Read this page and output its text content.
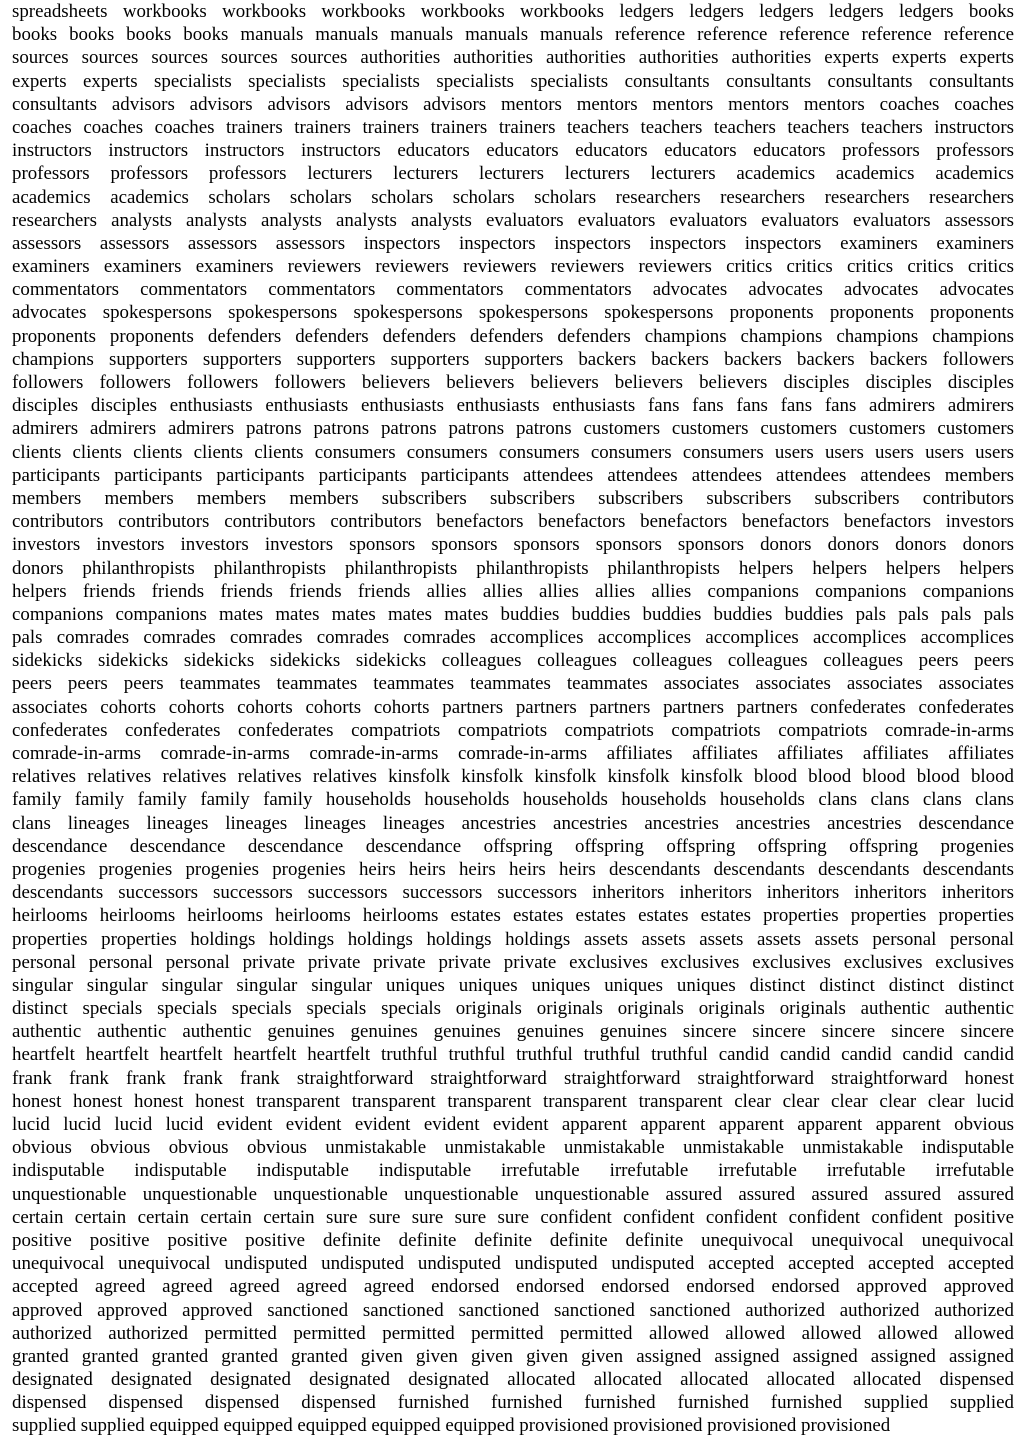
spreadsheets workbooks workbooks workbooks workbooks workbooks ledgers ledgers ledgers ledgers ledgers books
books books books books manuals manuals manuals manuals manuals reference reference reference reference reference
sources sources sources sources sources authorities authorities authorities authorities authorities experts experts experts
experts experts specialists specialists specialists specialists specialists consultants consultants consultants consultants
consultants advisors advisors advisors advisors advisors mentors mentors mentors mentors mentors coaches coaches
coaches coaches coaches trainers trainers trainers trainers trainers teachers teachers teachers teachers teachers instructors
instructors instructors instructors instructors educators educators educators educators educators professors professors
professors professors professors lecturers lecturers lecturers lecturers lecturers academics academics academics
academics academics scholars scholars scholars scholars scholars researchers researchers researchers researchers
researchers analysts analysts analysts analysts analysts evaluators evaluators evaluators evaluators evaluators assessors
assessors assessors assessors assessors inspectors inspectors inspectors inspectors inspectors examiners examiners
examiners examiners examiners reviewers reviewers reviewers reviewers reviewers critics critics critics critics critics
commentators commentators commentators commentators commentators advocates advocates advocates advocates
advocates spokespersons spokespersons spokespersons spokespersons spokespersons proponents proponents proponents
proponents proponents defenders defenders defenders defenders defenders champions champions champions champions
champions supporters supporters supporters supporters supporters backers backers backers backers backers followers
followers followers followers followers believers believers believers believers believers disciples disciples disciples
disciples disciples enthusiasts enthusiasts enthusiasts enthusiasts enthusiasts fans fans fans fans fans admirers admirers
admirers admirers admirers patrons patrons patrons patrons patrons customers customers customers customers customers
clients clients clients clients clients consumers consumers consumers consumers consumers users users users users users
participants participants participants participants participants attendees attendees attendees attendees attendees members
members members members members subscribers subscribers subscribers subscribers subscribers contributors
contributors contributors contributors contributors benefactors benefactors benefactors benefactors benefactors investors
investors investors investors investors sponsors sponsors sponsors sponsors sponsors donors donors donors donors
donors philanthropists philanthropists philanthropists philanthropists philanthropists helpers helpers helpers helpers
helpers friends friends friends friends friends allies allies allies allies allies companions companions companions
companions companions mates mates mates mates mates buddies buddies buddies buddies buddies pals pals pals pals
pals comrades comrades comrades comrades comrades accomplices accomplices accomplices accomplices accomplices
sidekicks sidekicks sidekicks sidekicks sidekicks colleagues colleagues colleagues colleagues colleagues peers peers
peers peers peers teammates teammates teammates teammates teammates associates associates associates associates
associates cohorts cohorts cohorts cohorts cohorts partners partners partners partners partners confederates confederates
confederates confederates confederates compatriots compatriots compatriots compatriots compatriots comrade-in-arms
comrade-in-arms comrade-in-arms comrade-in-arms comrade-in-arms affiliates affiliates affiliates affiliates affiliates
relatives relatives relatives relatives relatives kinsfolk kinsfolk kinsfolk kinsfolk kinsfolk blood blood blood blood blood
family family family family family households households households households households clans clans clans clans
clans lineages lineages lineages lineages lineages ancestries ancestries ancestries ancestries ancestries descendance
descendance descendance descendance descendance offspring offspring offspring offspring offspring progenies
progenies progenies progenies progenies heirs heirs heirs heirs heirs descendants descendants descendants descendants
descendants successors successors successors successors successors inheritors inheritors inheritors inheritors inheritors
heirlooms heirlooms heirlooms heirlooms heirlooms estates estates estates estates estates properties properties properties
properties properties holdings holdings holdings holdings holdings assets assets assets assets assets personal personal
personal personal personal private private private private private exclusives exclusives exclusives exclusives exclusives
singular singular singular singular singular uniques uniques uniques uniques uniques distinct distinct distinct distinct
distinct specials specials specials specials specials originals originals originals originals originals authentic authentic
authentic authentic authentic genuines genuines genuines genuines genuines sincere sincere sincere sincere sincere
heartfelt heartfelt heartfelt heartfelt heartfelt truthful truthful truthful truthful truthful candid candid candid candid candid
frank frank frank frank frank straightforward straightforward straightforward straightforward straightforward honest
honest honest honest honest transparent transparent transparent transparent transparent clear clear clear clear clear lucid
lucid lucid lucid lucid evident evident evident evident evident apparent apparent apparent apparent apparent obvious
obvious obvious obvious obvious unmistakable unmistakable unmistakable unmistakable unmistakable indisputable
indisputable indisputable indisputable indisputable irrefutable irrefutable irrefutable irrefutable irrefutable
unquestionable unquestionable unquestionable unquestionable unquestionable assured assured assured assured assured
certain certain certain certain certain sure sure sure sure sure confident confident confident confident confident positive
positive positive positive positive definite definite definite definite definite unequivocal unequivocal unequivocal
unequivocal unequivocal undisputed undisputed undisputed undisputed undisputed accepted accepted accepted accepted
accepted agreed agreed agreed agreed agreed endorsed endorsed endorsed endorsed endorsed approved approved
approved approved approved sanctioned sanctioned sanctioned sanctioned sanctioned authorized authorized authorized
authorized authorized permitted permitted permitted permitted permitted allowed allowed allowed allowed allowed
granted granted granted granted granted given given given given given assigned assigned assigned assigned assigned
designated designated designated designated designated allocated allocated allocated allocated allocated dispensed
dispensed dispensed dispensed dispensed furnished furnished furnished furnished furnished supplied supplied
supplied supplied equipped equipped equipped equipped equipped provisioned provisioned provisioned provisioned
